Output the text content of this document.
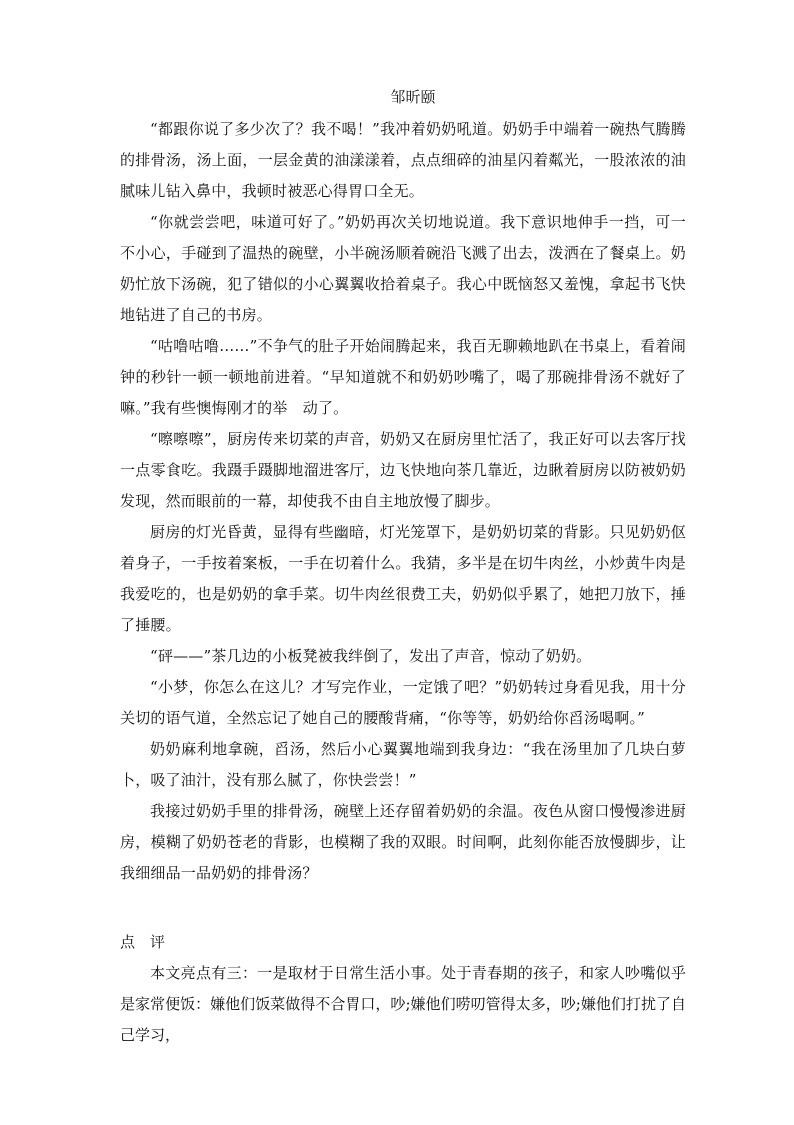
邹昕颐

“都跟你说了多少次了？我不喝！”我冲着奶奶吼道。奶奶手中端着一碗热气腾腾的排骨汤，汤上面，一层金黄的油漾漾着，点点细碎的油星闪着粼光，一股浓浓的油腻味儿钻入鼻中，我顿时被恶心得胃口全无。

“你就尝尝吧，味道可好了。”奶奶再次关切地说道。我下意识地伸手一挡，可一不小心，手碰到了温热的碗壁，小半碗汤顺着碗沿飞溅了出去，泼洒在了餐桌上。奶奶忙放下汤碗，犯了错似的小心翼翼收拾着桌子。我心中既恼怒又羞愧，拿起书飞快地钻进了自己的书房。

“咕噜咕噜……”不争气的肚子开始闹腾起来，我百无聊赖地趴在书桌上，看着闹钟的秒针一顿一顿地前进着。“早知道就不和奶奶吵嘴了，喝了那碗排骨汤不就好了嘛。”我有些懊悔刚才的举　动了。

“嚓嚓嚓”，厨房传来切菜的声音，奶奶又在厨房里忙活了，我正好可以去客厅找一点零食吃。我蹑手蹑脚地溜进客厅，边飞快地向茶几靠近，边瞅着厨房以防被奶奶发现，然而眼前的一幕，却使我不由自主地放慢了脚步。

厨房的灯光昏黄，显得有些幽暗，灯光笼罩下，是奶奶切菜的背影。只见奶奶伛着身子，一手按着案板，一手在切着什么。我猜，多半是在切牛肉丝，小炒黄牛肉是我爱吃的，也是奶奶的拿手菜。切牛肉丝很费工夫，奶奶似乎累了，她把刀放下，捶了捶腰。

“砰——”茶几边的小板凳被我绊倒了，发出了声音，惊动了奶奶。

“小梦，你怎么在这儿？才写完作业，一定饿了吧？”奶奶转过身看见我，用十分关切的语气道，全然忘记了她自己的腰酸背痛，“你等等，奶奶给你舀汤喝啊。”

奶奶麻利地拿碗，舀汤，然后小心翼翼地端到我身边：“我在汤里加了几块白萝卜，吸了油汁，没有那么腻了，你快尝尝！”

我接过奶奶手里的排骨汤，碗壁上还存留着奶奶的余温。夜色从窗口慢慢渗进厨房，模糊了奶奶苍老的背影，也模糊了我的双眼。时间啊，此刻你能否放慢脚步，让我细细品一品奶奶的排骨汤？

点　评

本文亮点有三：一是取材于日常生活小事。处于青春期的孩子，和家人吵嘴似乎是家常便饭：嫌他们饭菜做得不合胃口，吵;嫌他们唠叨管得太多，吵;嫌他们打扰了自己学习，
